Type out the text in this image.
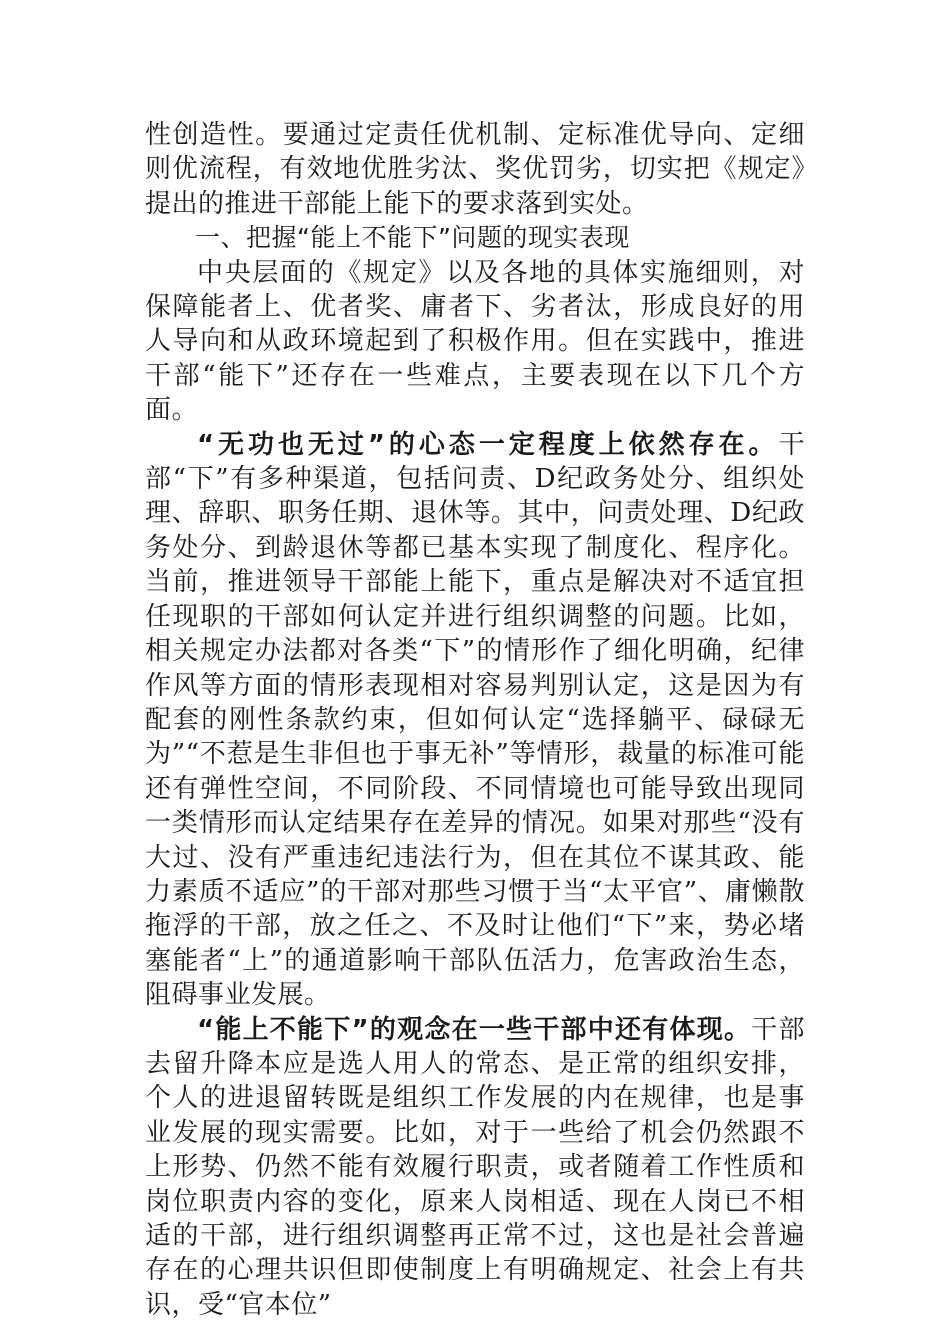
性创造性。要通过定责任优机制、定标准优导向、定细则优流程，有效地优胜劣汰、奖优罚劣，切实把《规定》提出的推进干部能上能下的要求落到实处。

一、把握“能上不能下”问题的现实表现

中央层面的《规定》以及各地的具体实施细则，对保障能者上、优者奖、庸者下、劣者汰，形成良好的用人导向和从政环境起到了积极作用。但在实践中，推进干部“能下”还存在一些难点，主要表现在以下几个方面。

“无功也无过”的心态一定程度上依然存在。干部“下”有多种渠道，包括问责、D纪政务处分、组织处理、辞职、职务任期、退休等。其中，问责处理、D纪政务处分、到龄退休等都已基本实现了制度化、程序化。当前，推进领导干部能上能下，重点是解决对不适宜担任现职的干部如何认定并进行组织调整的问题。比如，相关规定办法都对各类“下”的情形作了细化明确，纪律作风等方面的情形表现相对容易判别认定，这是因为有配套的刚性条款约束，但如何认定“选择躺平、碌碌无为”“不惹是生非但也于事无补”等情形，裁量的标准可能还有弹性空间，不同阶段、不同情境也可能导致出现同一类情形而认定结果存在差异的情况。如果对那些“没有大过、没有严重违纪违法行为，但在其位不谋其政、能力素质不适应”的干部对那些习惯于当“太平官”、庸懒散拖浮的干部，放之任之、不及时让他们“下”来，势必堵塞能者“上”的通道影响干部队伍活力，危害政治生态，阻碍事业发展。

“能上不能下”的观念在一些干部中还有体现。干部去留升降本应是选人用人的常态、是正常的组织安排，个人的进退留转既是组织工作发展的内在规律，也是事业发展的现实需要。比如，对于一些给了机会仍然跟不上形势、仍然不能有效履行职责，或者随着工作性质和岗位职责内容的变化，原来人岗相适、现在人岗已不相适的干部，进行组织调整再正常不过，这也是社会普遍存在的心理共识但即使制度上有明确规定、社会上有共识，受“官本位”
